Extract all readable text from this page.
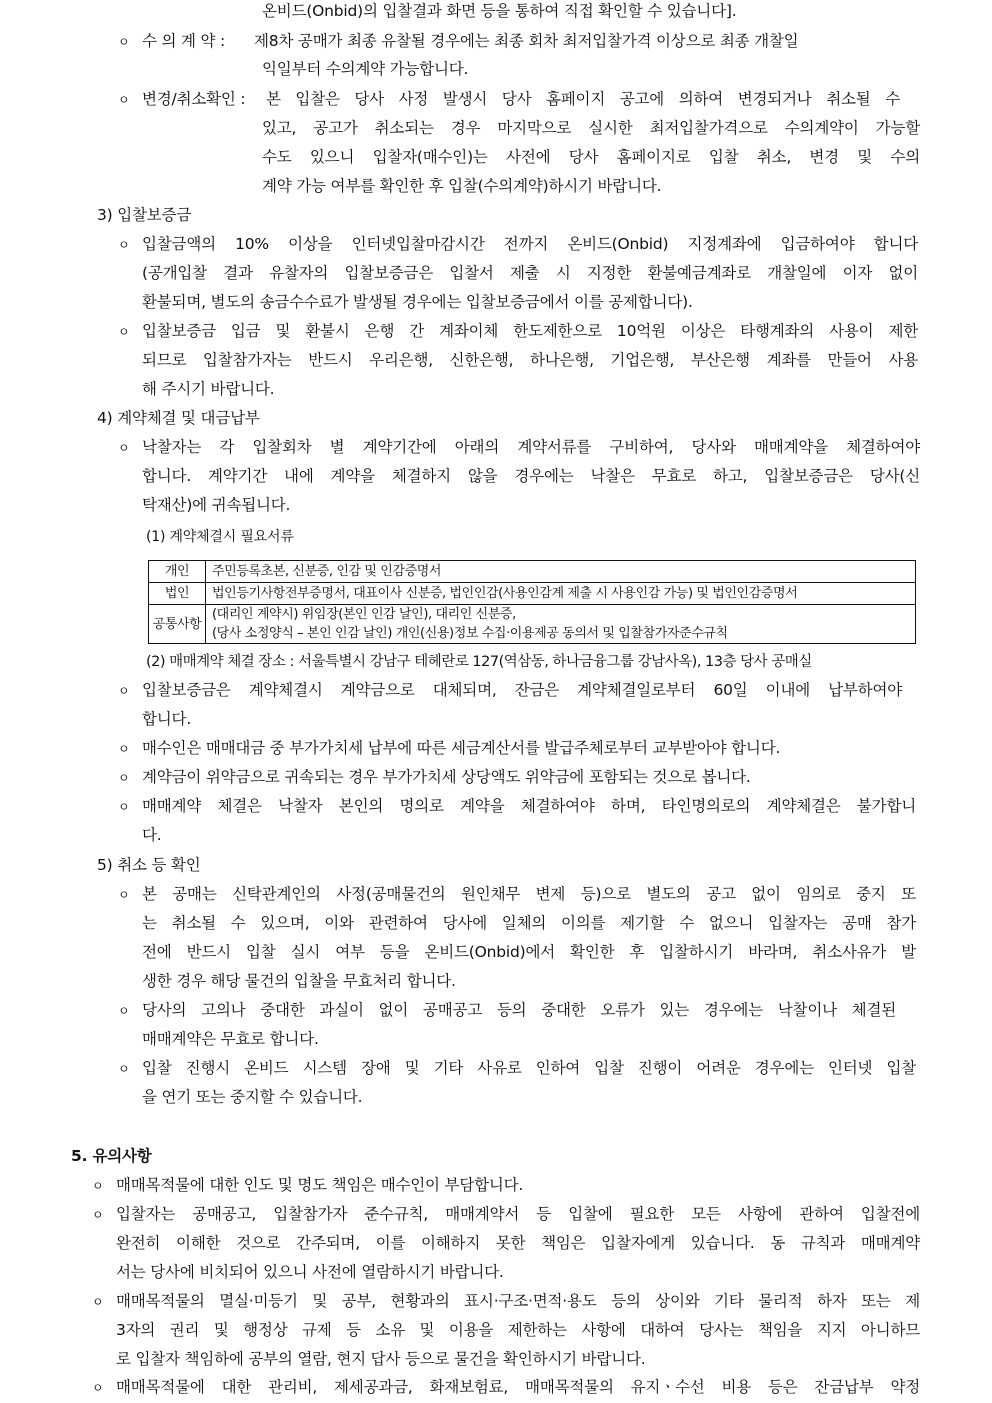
온비드(Onbid)의 입찰결과 화면 등을 통하여 직접 확인할 수 있습니다].
ㅇ 수 의 계 약 : 제8차 공매가 최종 유찰될 경우에는 최종 회차 최저입찰가격 이상으로 최종 개찰일
익일부터 수의계약 가능합니다.
ㅇ 변경/취소확인 : 본 입찰은 당사 사정 발생시 당사 홈페이지 공고에 의하여 변경되거나 취소될 수
있고, 공고가 취소되는 경우 마지막으로 실시한 최저입찰가격으로 수의계약이 가능할
수도 있으니 입찰자(매수인)는 사전에 당사 홈페이지로 입찰 취소, 변경 및 수의
계약 가능 여부를 확인한 후 입찰(수의계약)하시기 바랍니다.
3) 입찰보증금
ㅇ 입찰금액의 10% 이상을 인터넷입찰마감시간 전까지 온비드(Onbid) 지정계좌에 입금하여야 합니다
(공개입찰 결과 유찰자의 입찰보증금은 입찰서 제출 시 지정한 환불예금계좌로 개찰일에 이자 없이
환불되며, 별도의 송금수수료가 발생될 경우에는 입찰보증금에서 이를 공제합니다).
ㅇ 입찰보증금 입금 및 환불시 은행 간 계좌이체 한도제한으로 10억원 이상은 타행계좌의 사용이 제한
되므로 입찰참가자는 반드시 우리은행, 신한은행, 하나은행, 기업은행, 부산은행 계좌를 만들어 사용
해 주시기 바랍니다.
4) 계약체결 및 대금납부
ㅇ 낙찰자는 각 입찰회차 별 계약기간에 아래의 계약서류를 구비하여, 당사와 매매계약을 체결하여야
합니다. 계약기간 내에 계약을 체결하지 않을 경우에는 낙찰은 무효로 하고, 입찰보증금은 당사(신
탁재산)에 귀속됩니다.
(1) 계약체결시 필요서류
개인	주민등록초본, 신분증, 인감 및 인감증명서
법인	법인등기사항전부증명서, 대표이사 신분증, 법인인감(사용인감계 제출 시 사용인감 가능) 및 법인인감증명서
공통사항	(대리인 계약시) 위임장(본인 인감 날인), 대리인 신분증,
(당사 소정양식 – 본인 인감 날인) 개인(신용)정보 수집·이용제공 동의서 및 입찰참가자준수규칙
(2) 매매계약 체결 장소 : 서울특별시 강남구 테헤란로 127(역삼동, 하나금융그룹 강남사옥), 13층 당사 공매실
ㅇ 입찰보증금은 계약체결시 계약금으로 대체되며, 잔금은 계약체결일로부터 60일 이내에 납부하여야
합니다.
ㅇ 매수인은 매매대금 중 부가가치세 납부에 따른 세금계산서를 발급주체로부터 교부받아야 합니다.
ㅇ 계약금이 위약금으로 귀속되는 경우 부가가치세 상당액도 위약금에 포함되는 것으로 봅니다.
ㅇ 매매계약 체결은 낙찰자 본인의 명의로 계약을 체결하여야 하며, 타인명의로의 계약체결은 불가합니
다.
5) 취소 등 확인
ㅇ 본 공매는 신탁관계인의 사정(공매물건의 원인채무 변제 등)으로 별도의 공고 없이 임의로 중지 또
는 취소될 수 있으며, 이와 관련하여 당사에 일체의 이의를 제기할 수 없으니 입찰자는 공매 참가
전에 반드시 입찰 실시 여부 등을 온비드(Onbid)에서 확인한 후 입찰하시기 바라며, 취소사유가 발
생한 경우 해당 물건의 입찰을 무효처리 합니다.
ㅇ 당사의 고의나 중대한 과실이 없이 공매공고 등의 중대한 오류가 있는 경우에는 낙찰이나 체결된
매매계약은 무효로 합니다.
ㅇ 입찰 진행시 온비드 시스템 장애 및 기타 사유로 인하여 입찰 진행이 어려운 경우에는 인터넷 입찰
을 연기 또는 중지할 수 있습니다.
5. 유의사항
ㅇ 매매목적물에 대한 인도 및 명도 책임은 매수인이 부담합니다.
ㅇ 입찰자는 공매공고, 입찰참가자 준수규칙, 매매계약서 등 입찰에 필요한 모든 사항에 관하여 입찰전에
완전히 이해한 것으로 간주되며, 이를 이해하지 못한 책임은 입찰자에게 있습니다. 동 규칙과 매매계약
서는 당사에 비치되어 있으니 사전에 열람하시기 바랍니다.
ㅇ 매매목적물의 멸실·미등기 및 공부, 현황과의 표시·구조·면적·용도 등의 상이와 기타 물리적 하자 또는 제
3자의 권리 및 행정상 규제 등 소유 및 이용을 제한하는 사항에 대하여 당사는 책임을 지지 아니하므
로 입찰자 책임하에 공부의 열람, 현지 답사 등으로 물건을 확인하시기 바랍니다.
ㅇ 매매목적물에 대한 관리비, 제세공과금, 화재보험료, 매매목적물의 유지ㆍ수선 비용 등은 잔금납부 약정
